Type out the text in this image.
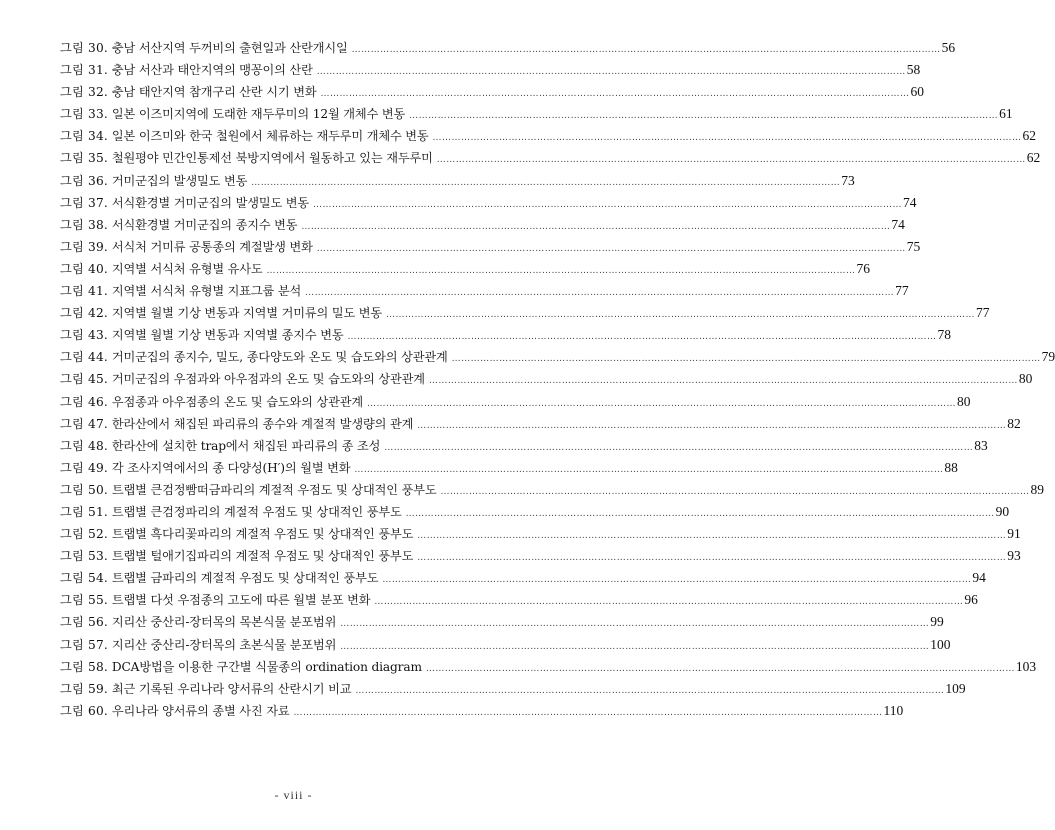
그림 30.
충남 서산지역 두꺼비의 출현일과 산란개시일 ……………………………………………………………………………………………………………………………………………………………………	56
그림 31.
충남 서산과 태안지역의 맹꽁이의 산란 ……………………………………………………………………………………………………………………………………………………………………	58
그림 32.
충남 태안지역 참개구리 산란 시기 변화 ……………………………………………………………………………………………………………………………………………………………………	60
그림 33.
일본 이즈미지역에 도래한 재두루미의 12월 개체수 변동 ……………………………………………………………………………………………………………………………………………………………………	61
그림 34.
일본 이즈미와 한국 철원에서 체류하는 재두루미 개체수 변동 ……………………………………………………………………………………………………………………………………………………………………	62
그림 35.
철원평야 민간인통제선 북방지역에서 월동하고 있는 재두루미 ……………………………………………………………………………………………………………………………………………………………………	62
그림 36.
거미군집의 발생밀도 변동 ……………………………………………………………………………………………………………………………………………………………………	73
그림 37.
서식환경별 거미군집의 발생밀도 변동 ……………………………………………………………………………………………………………………………………………………………………	74
그림 38.
서식환경별 거미군집의 종지수 변동 ……………………………………………………………………………………………………………………………………………………………………	74
그림 39.
서식처 거미류 공통종의 계절발생 변화 ……………………………………………………………………………………………………………………………………………………………………	75
그림 40.
지역별 서식처 유형별 유사도 ……………………………………………………………………………………………………………………………………………………………………	76
그림 41.
지역별 서식처 유형별 지표그룹 분석 ……………………………………………………………………………………………………………………………………………………………………	77
그림 42.
지역별 월별 기상 변동과 지역별 거미류의 밀도 변동 ……………………………………………………………………………………………………………………………………………………………………	77
그림 43.
지역별 월별 기상 변동과 지역별 종지수 변동 ……………………………………………………………………………………………………………………………………………………………………	78
그림 44.
거미군집의 종지수, 밀도, 종다양도와 온도 및 습도와의 상관관계 ……………………………………………………………………………………………………………………………………………………………………	79
그림 45.
거미군집의 우점과와 아우점과의 온도 및 습도와의 상관관계 ……………………………………………………………………………………………………………………………………………………………………	80
그림 46.
우점종과 아우점종의 온도 및 습도와의 상관관계 ……………………………………………………………………………………………………………………………………………………………………	80
그림 47.
한라산에서 채집된 파리류의 종수와 계절적 발생량의 관계 ……………………………………………………………………………………………………………………………………………………………………	82
그림 48.
한라산에 설치한 trap에서 채집된 파리류의 종 조성 ……………………………………………………………………………………………………………………………………………………………………	83
그림 49.
각 조사지역에서의 종 다양성(H′)의 월별 변화 ……………………………………………………………………………………………………………………………………………………………………	88
그림 50.
트랩별 큰검정빰떠금파리의 계절적 우점도 및 상대적인 풍부도 ……………………………………………………………………………………………………………………………………………………………………	89
그림 51.
트랩별 큰검정파리의 계절적 우점도 및 상대적인 풍부도 ……………………………………………………………………………………………………………………………………………………………………	90
그림 52.
트랩별 흑다리꽃파리의 계절적 우점도 및 상대적인 풍부도 ……………………………………………………………………………………………………………………………………………………………………	91
그림 53.
트랩별 털애기집파리의 계절적 우점도 및 상대적인 풍부도 ……………………………………………………………………………………………………………………………………………………………………	93
그림 54.
트랩별 금파리의 계절적 우점도 및 상대적인 풍부도 ……………………………………………………………………………………………………………………………………………………………………	94
그림 55.
트랩별 다섯 우점종의 고도에 따른 월별 분포 변화 ……………………………………………………………………………………………………………………………………………………………………	96
그림 56.
지리산 중산리-장터목의 목본식물 분포범위 ……………………………………………………………………………………………………………………………………………………………………	99
그림 57.
지리산 중산리-장터목의 초본식물 분포범위 ……………………………………………………………………………………………………………………………………………………………………	100
그림 58.
DCA방법을 이용한 구간별 식물종의 ordination diagram ……………………………………………………………………………………………………………………………………………………………………	103
그림 59.
최근 기록된 우리나라 양서류의 산란시기 비교 ……………………………………………………………………………………………………………………………………………………………………	109
그림 60.
우리나라 양서류의 종별 사진 자료 ……………………………………………………………………………………………………………………………………………………………………	110
- viii -
